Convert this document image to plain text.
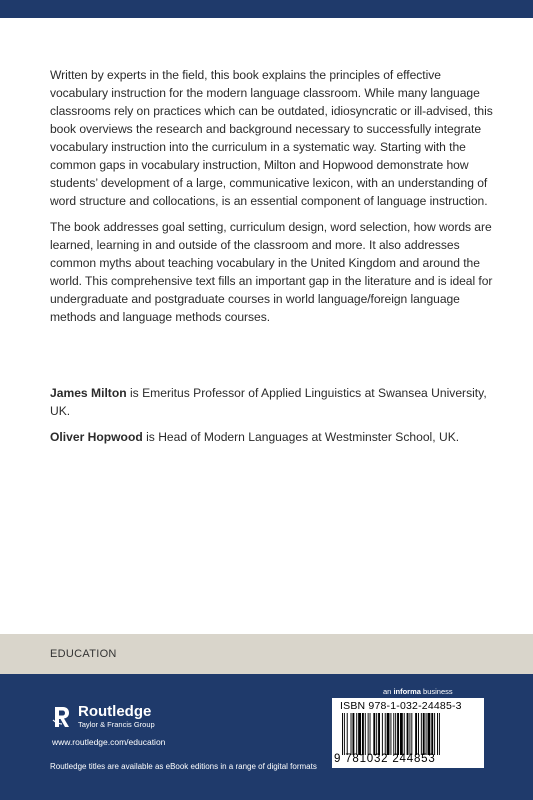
Written by experts in the field, this book explains the principles of effective vocabulary instruction for the modern language classroom. While many language classrooms rely on practices which can be outdated, idiosyncratic or ill-advised, this book overviews the research and background necessary to successfully integrate vocabulary instruction into the curriculum in a systematic way. Starting with the common gaps in vocabulary instruction, Milton and Hopwood demonstrate how students’ development of a large, communicative lexicon, with an understanding of word structure and collocations, is an essential component of language instruction.

The book addresses goal setting, curriculum design, word selection, how words are learned, learning in and outside of the classroom and more. It also addresses common myths about teaching vocabulary in the United Kingdom and around the world. This comprehensive text fills an important gap in the literature and is ideal for undergraduate and postgraduate courses in world language/foreign language methods and language methods courses.

James Milton is Emeritus Professor of Applied Linguistics at Swansea University, UK.

Oliver Hopwood is Head of Modern Languages at Westminster School, UK.

EDUCATION
an informa business
Routledge
Taylor & Francis Group
www.routledge.com/education
Routledge titles are available as eBook editions in a range of digital formats
ISBN 978-1-032-24485-3
9 781032 244853
